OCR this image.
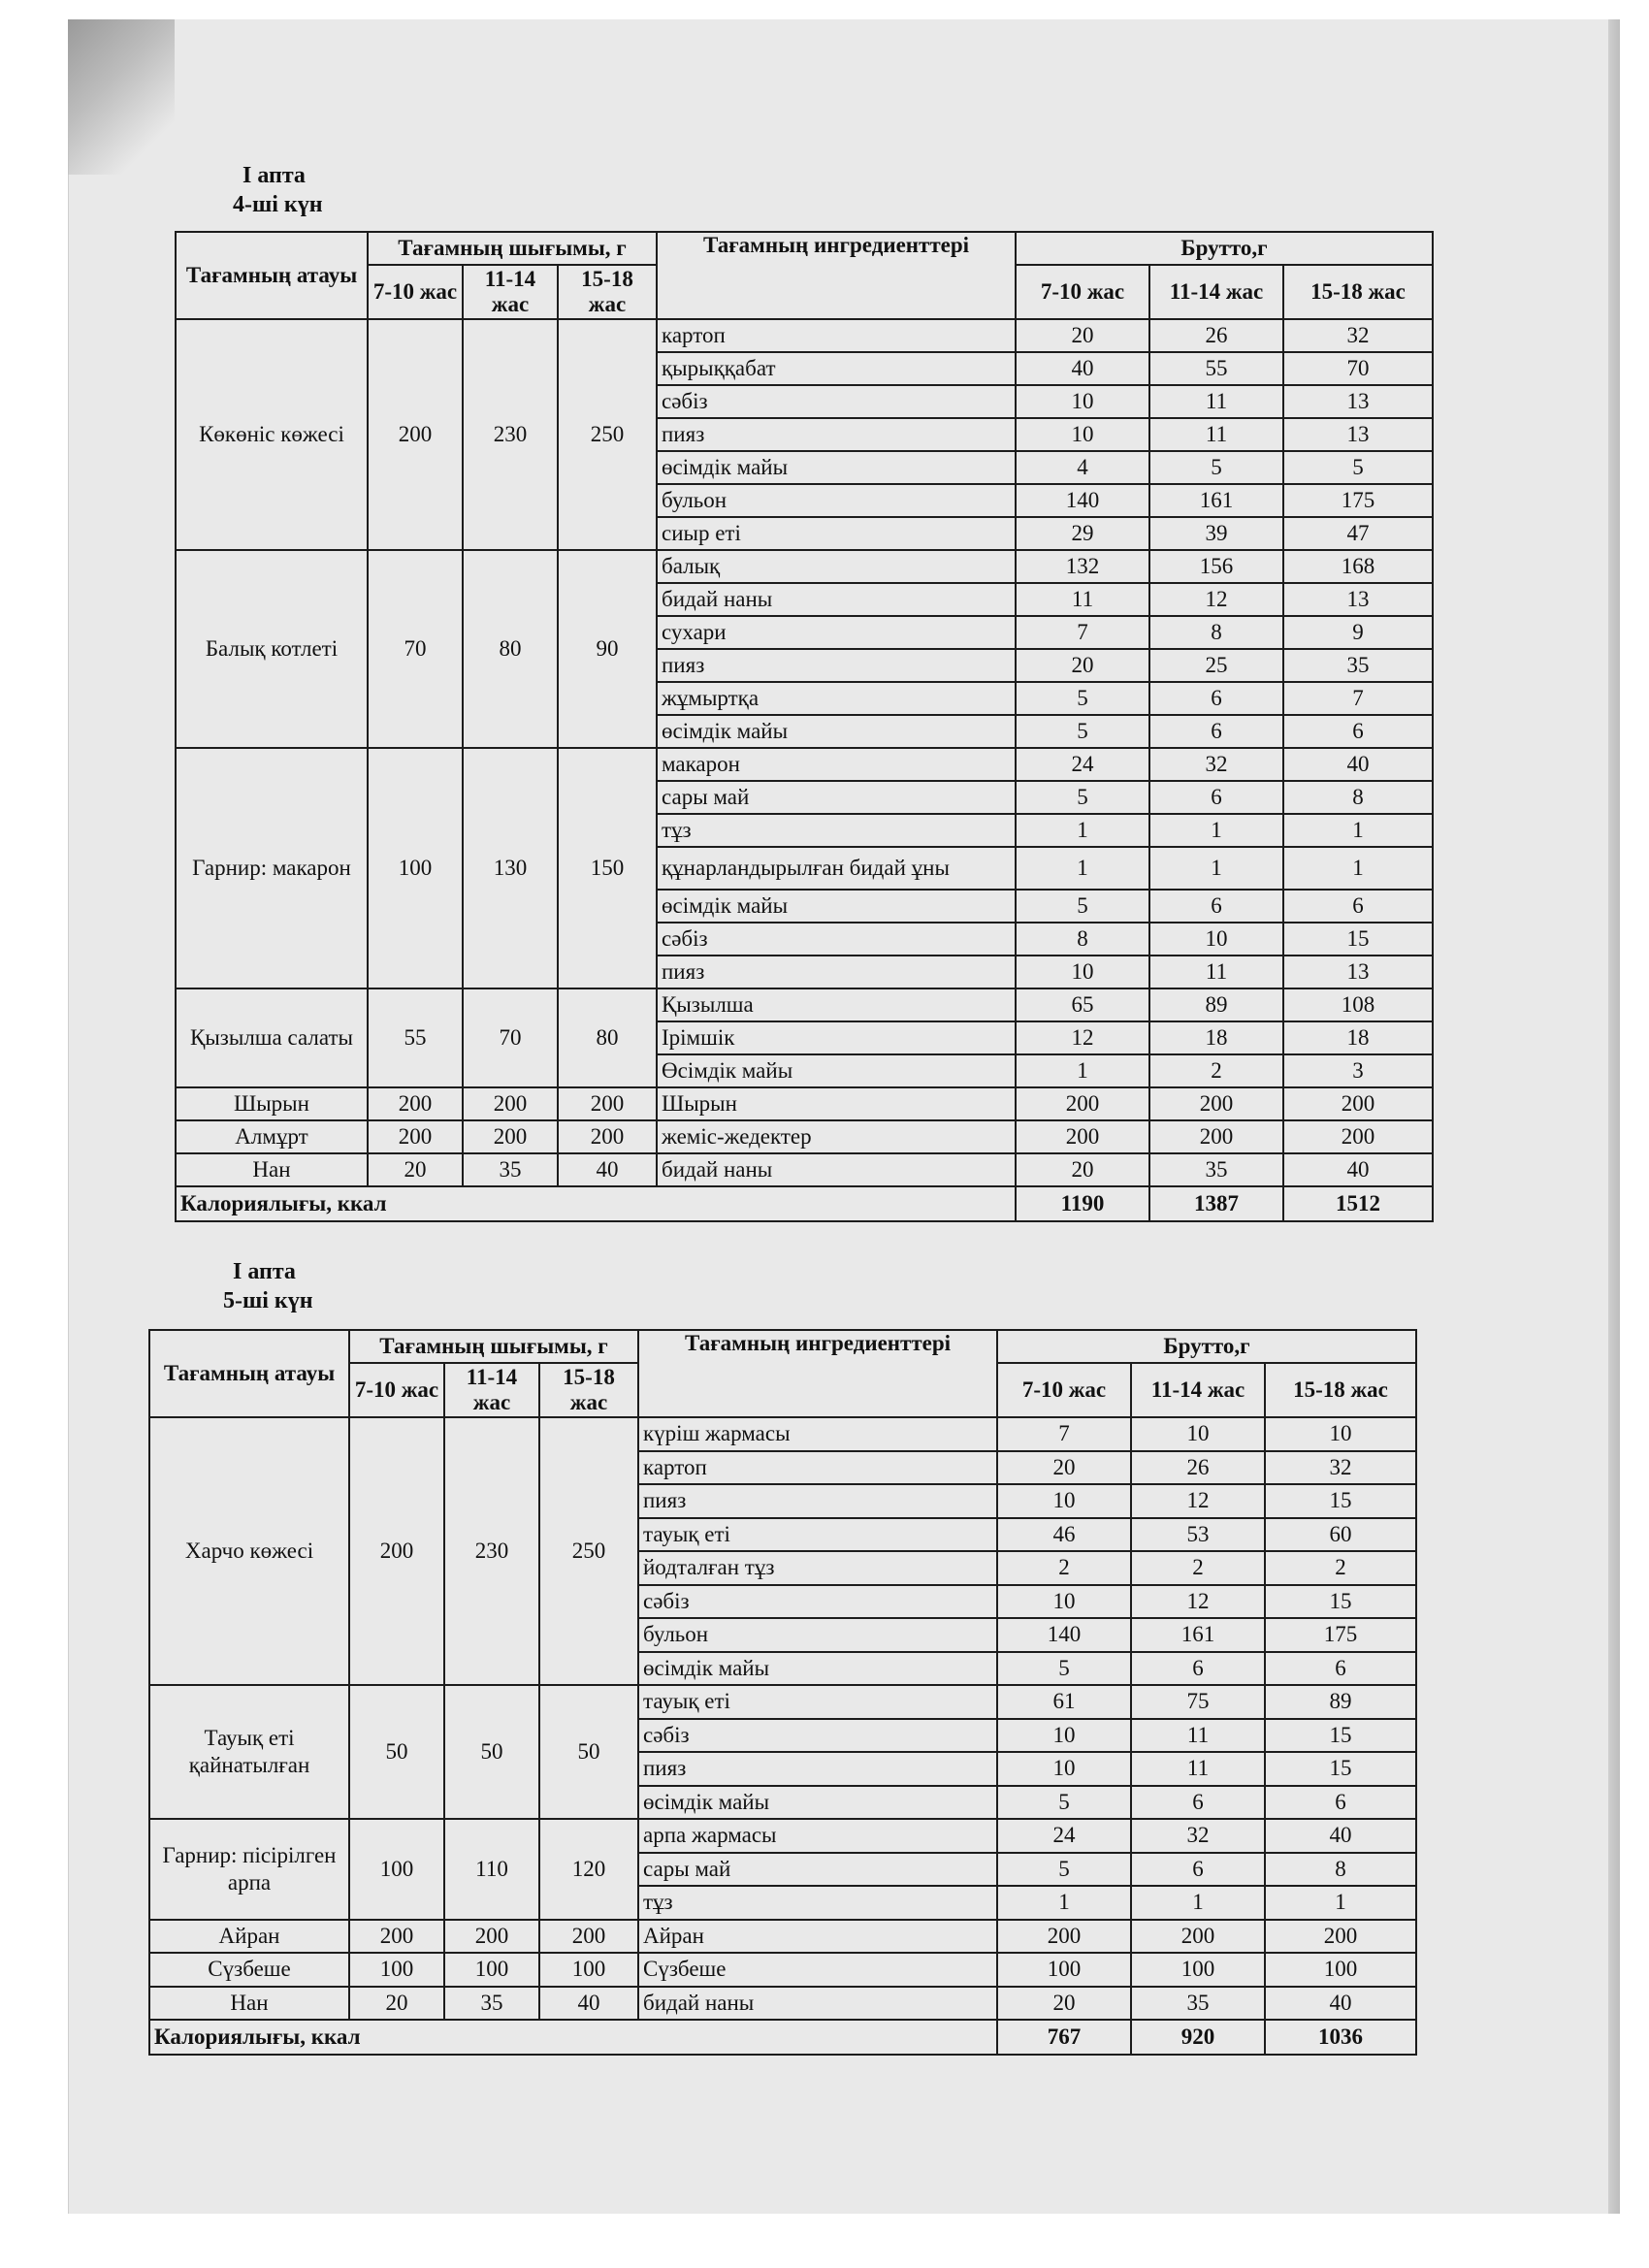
I апта
4-ші күн
Тағамның атауы	Тағамның шығымы, г			Тағамның ингредиенттері	Брутто,г		
	7-10 жас	11-14 жас	15-18 жас		7-10 жас	11-14 жас	15-18 жас
Көкөніс көжесі	200	230	250	картоп	20	26	32
				қырыққабат	40	55	70
				сәбіз	10	11	13
				пияз	10	11	13
				өсімдік майы	4	5	5
				бульон	140	161	175
				сиыр еті	29	39	47
Балық котлеті	70	80	90	балық	132	156	168
				бидай наны	11	12	13
				сухари	7	8	9
				пияз	20	25	35
				жұмыртқа	5	6	7
				өсімдік майы	5	6	6
Гарнир: макарон	100	130	150	макарон	24	32	40
				сары май	5	6	8
				тұз	1	1	1
				құнарландырылған бидай ұны	1	1	1
				өсімдік майы	5	6	6
				сәбіз	8	10	15
				пияз	10	11	13
Қызылша салаты	55	70	80	Қызылша	65	89	108
				Ірімшік	12	18	18
				Өсімдік майы	1	2	3
Шырын	200	200	200	Шырын	200	200	200
Алмұрт	200	200	200	жеміс-жедектер	200	200	200
Нан	20	35	40	бидай наны	20	35	40
Калориялығы, ккал					1190	1387	1512
I апта
5-ші күн
Тағамның атауы	Тағамның шығымы, г			Тағамның ингредиенттері	Брутто,г		
	7-10 жас	11-14 жас	15-18 жас		7-10 жас	11-14 жас	15-18 жас
Харчо көжесі	200	230	250	күріш жармасы	7	10	10
				картоп	20	26	32
				пияз	10	12	15
				тауық еті	46	53	60
				йодталған тұз	2	2	2
				сәбіз	10	12	15
				бульон	140	161	175
				өсімдік майы	5	6	6
Тауық еті қайнатылған	50	50	50	тауық еті	61	75	89
				сәбіз	10	11	15
				пияз	10	11	15
				өсімдік майы	5	6	6
Гарнир: пісірілген арпа	100	110	120	арпа жармасы	24	32	40
				сары май	5	6	8
				тұз	1	1	1
Айран	200	200	200	Айран	200	200	200
Сүзбеше	100	100	100	Сүзбеше	100	100	100
Нан	20	35	40	бидай наны	20	35	40
Калориялығы, ккал					767	920	1036
